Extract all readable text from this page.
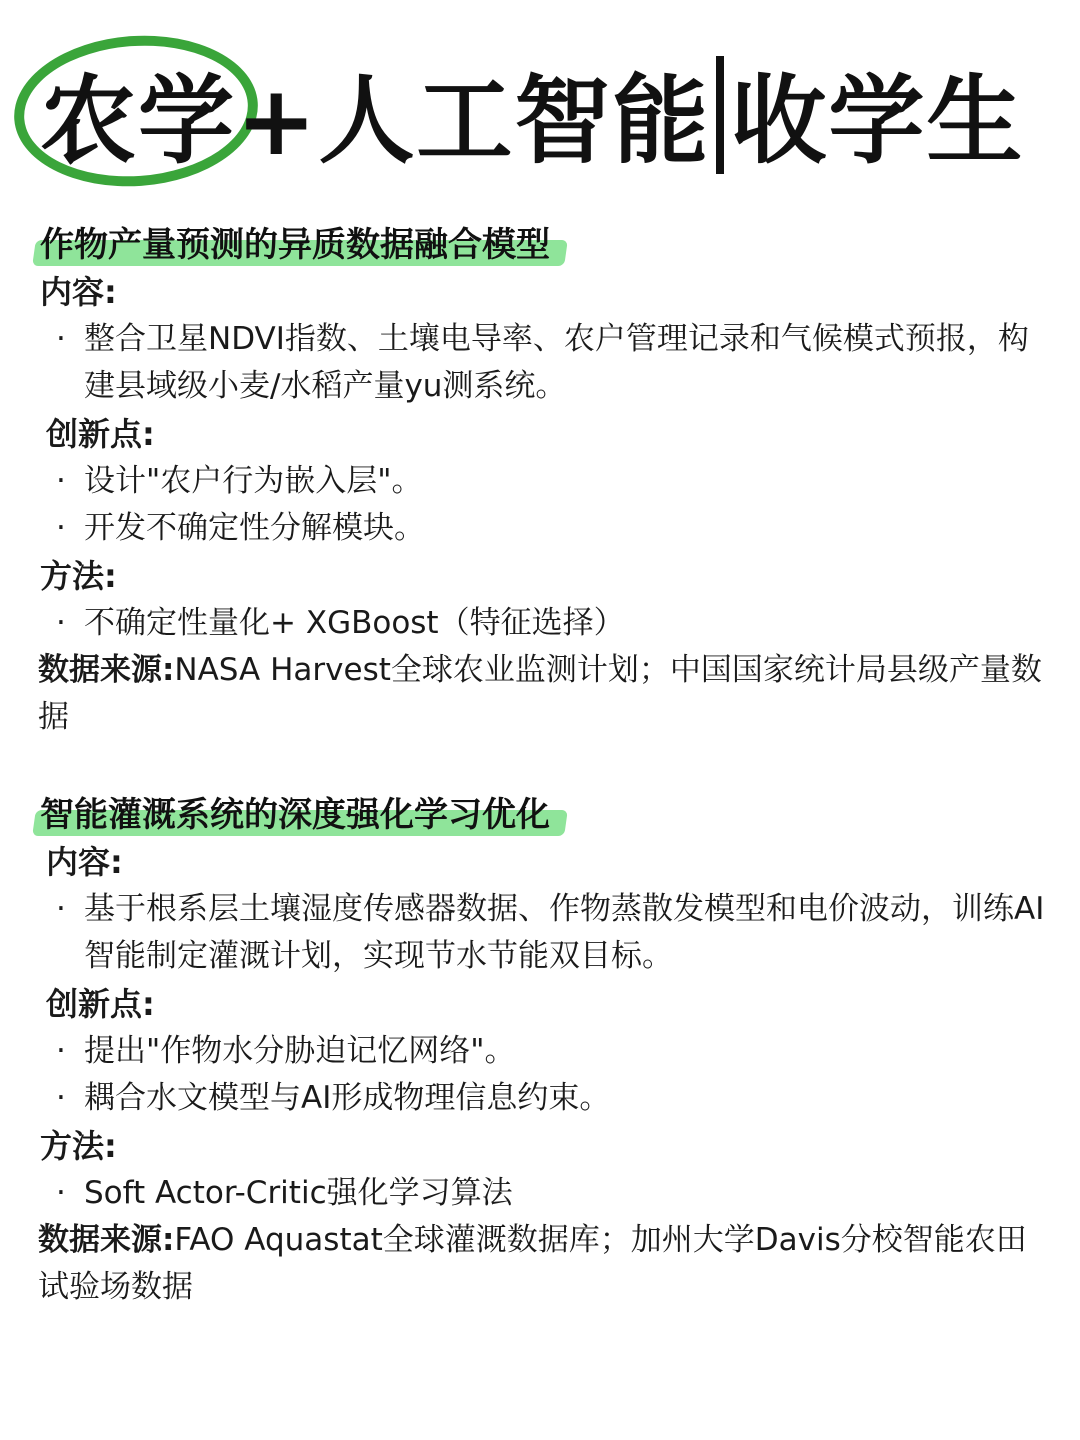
农学+人工智能 收学生
作物产量预测的异质数据融合模型
内容:
· 整合卫星NDVI指数、土壤电导率、农户管理记录和气候模式预报，构建县域级小麦/水稻产量yu测系统。
创新点:
· 设计"农户行为嵌入层"。
· 开发不确定性分解模块。
方法:
· 不确定性量化+ XGBoost（特征选择）
数据来源:NASA Harvest全球农业监测计划；中国国家统计局县级产量数据
智能灌溉系统的深度强化学习优化
内容:
· 基于根系层土壤湿度传感器数据、作物蒸散发模型和电价波动，训练AI智能制定灌溉计划，实现节水节能双目标。
创新点:
· 提出"作物水分胁迫记忆网络"。
· 耦合水文模型与AI形成物理信息约束。
方法:
· Soft Actor-Critic强化学习算法
数据来源:FAO Aquastat全球灌溉数据库；加州大学Davis分校智能农田试验场数据
